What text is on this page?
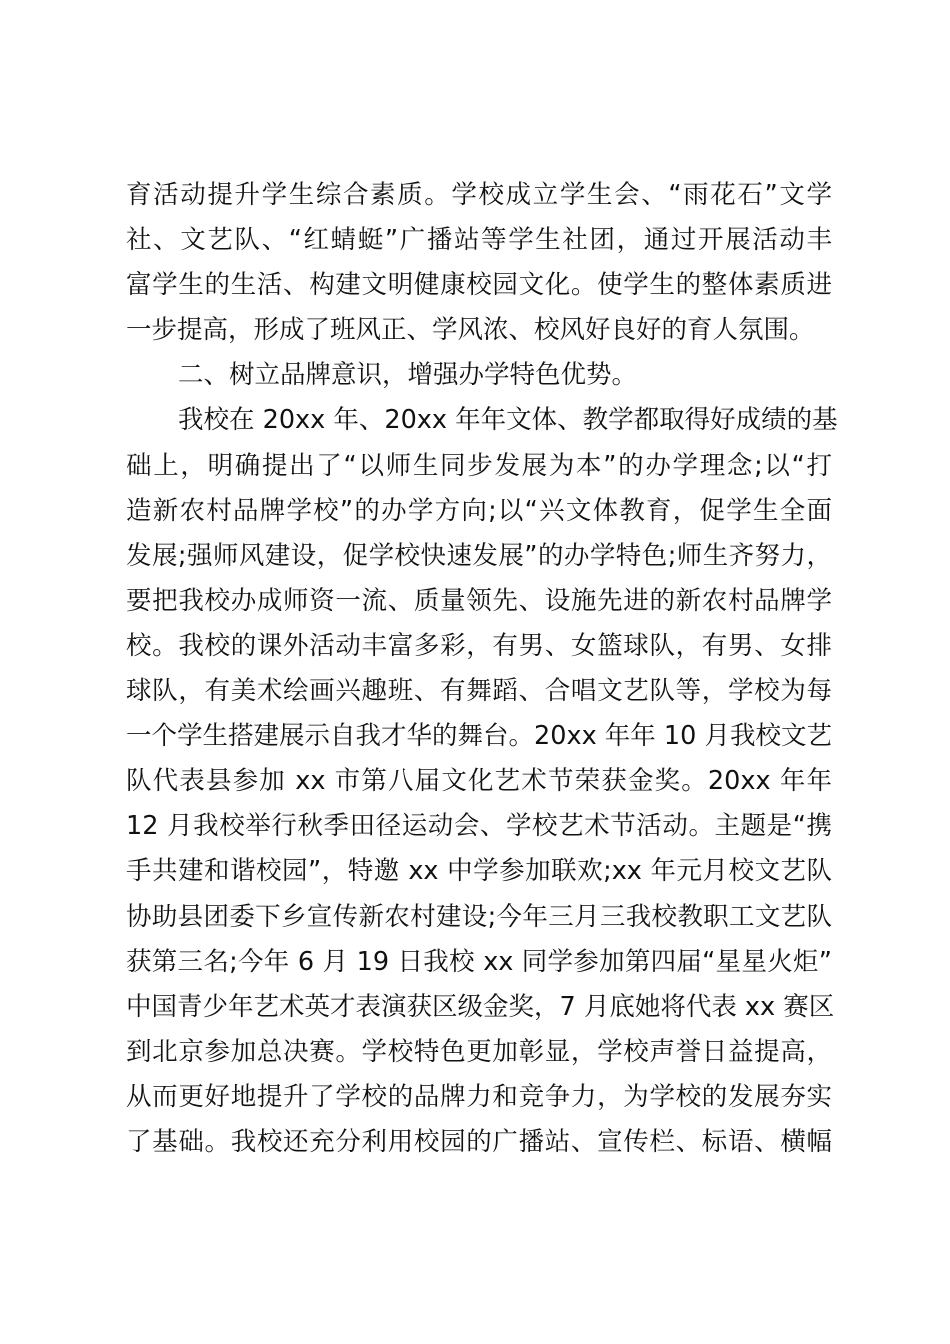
育活动提升学生综合素质。学校成立学生会、“雨花石”文学
社、文艺队、“红蜻蜓”广播站等学生社团，通过开展活动丰
富学生的生活、构建文明健康校园文化。使学生的整体素质进
一步提高，形成了班风正、学风浓、校风好良好的育人氛围。
二、树立品牌意识，增强办学特色优势。
我校在 20xx 年、20xx 年年文体、教学都取得好成绩的基
础上，明确提出了“以师生同步发展为本”的办学理念;以“打
造新农村品牌学校”的办学方向;以“兴文体教育，促学生全面
发展;强师风建设，促学校快速发展”的办学特色;师生齐努力，
要把我校办成师资一流、质量领先、设施先进的新农村品牌学
校。我校的课外活动丰富多彩，有男、女篮球队，有男、女排
球队，有美术绘画兴趣班、有舞蹈、合唱文艺队等，学校为每
一个学生搭建展示自我才华的舞台。20xx 年年 10 月我校文艺
队代表县参加 xx 市第八届文化艺术节荣获金奖。20xx 年年
12 月我校举行秋季田径运动会、学校艺术节活动。主题是“携
手共建和谐校园”，特邀 xx 中学参加联欢;xx 年元月校文艺队
协助县团委下乡宣传新农村建设;今年三月三我校教职工文艺队
获第三名;今年 6 月 19 日我校 xx 同学参加第四届“星星火炬”
中国青少年艺术英才表演获区级金奖，7 月底她将代表 xx 赛区
到北京参加总决赛。学校特色更加彰显，学校声誉日益提高，
从而更好地提升了学校的品牌力和竞争力，为学校的发展夯实
了基础。我校还充分利用校园的广播站、宣传栏、标语、横幅
